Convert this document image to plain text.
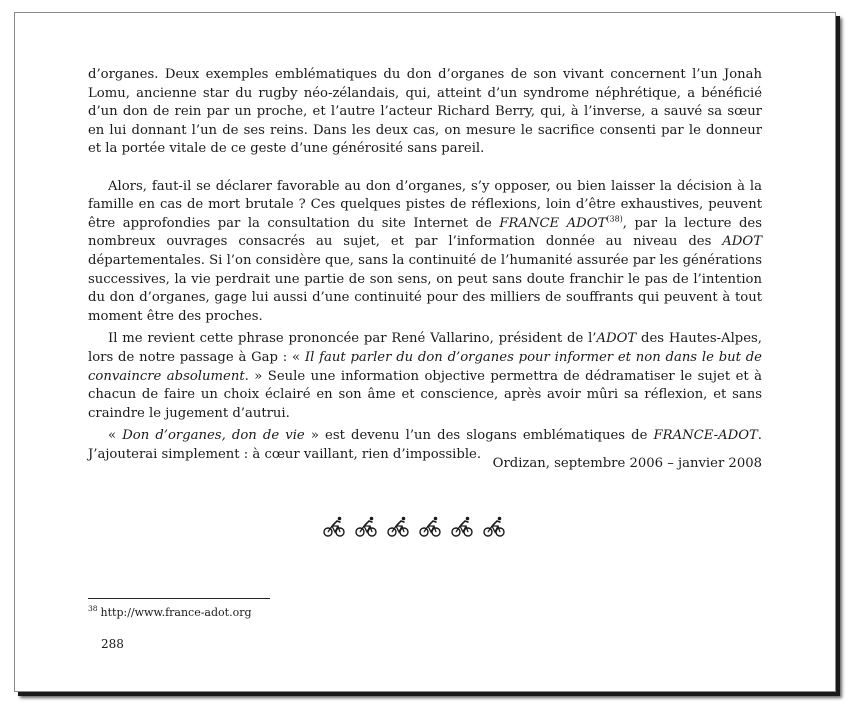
d’organes. Deux exemples emblématiques du don d’organes de son vivant concernent l’un Jonah Lomu, ancienne star du rugby néo-zélandais, qui, atteint d’un syndrome néphrétique, a bénéficié d’un don de rein par un proche, et l’autre l’acteur Richard Berry, qui, à l’inverse, a sauvé sa sœur en lui donnant l’un de ses reins. Dans les deux cas, on mesure le sacrifice consenti par le donneur et la portée vitale de ce geste d’une générosité sans pareil.

Alors, faut-il se déclarer favorable au don d’organes, s’y opposer, ou bien laisser la décision à la famille en cas de mort brutale ? Ces quelques pistes de réflexions, loin d’être exhaustives, peuvent être approfondies par la consultation du site Internet de FRANCE ADOT$^{(38)}$, par la lecture des nombreux ouvrages consacrés au sujet, et par l’information donnée au niveau des ADOT départementales. Si l’on considère que, sans la continuité de l’humanité assurée par les générations successives, la vie perdrait une partie de son sens, on peut sans doute franchir le pas de l’intention du don d’organes, gage lui aussi d’une continuité pour des milliers de souffrants qui peuvent à tout moment être des proches.

Il me revient cette phrase prononcée par René Vallarino, président de l’ADOT des Hautes-Alpes, lors de notre passage à Gap : « Il faut parler du don d’organes pour informer et non dans le but de convaincre absolument. » Seule une information objective permettra de dédramatiser le sujet et à chacun de faire un choix éclairé en son âme et conscience, après avoir mûri sa réflexion, et sans craindre le jugement d’autrui.

« Don d’organes, don de vie » est devenu l’un des slogans emblématiques de FRANCE-ADOT. J’ajouterai simplement : à cœur vaillant, rien d’impossible.

Ordizan, septembre 2006 – janvier 2008
$^{38}$ http://www.france-adot.org
288
